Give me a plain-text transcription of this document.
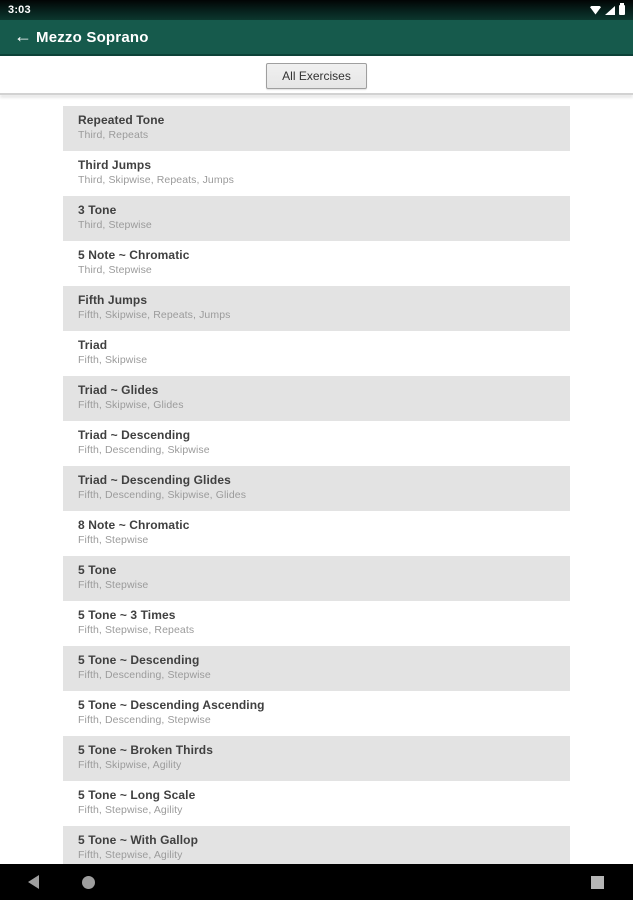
3:03
← Mezzo Soprano
All Exercises
Repeated Tone
Third, Repeats
Third Jumps
Third, Skipwise, Repeats, Jumps
3 Tone
Third, Stepwise
5 Note ~ Chromatic
Third, Stepwise
Fifth Jumps
Fifth, Skipwise, Repeats, Jumps
Triad
Fifth, Skipwise
Triad ~ Glides
Fifth, Skipwise, Glides
Triad ~ Descending
Fifth, Descending, Skipwise
Triad ~ Descending Glides
Fifth, Descending, Skipwise, Glides
8 Note ~ Chromatic
Fifth, Stepwise
5 Tone
Fifth, Stepwise
5 Tone ~ 3 Times
Fifth, Stepwise, Repeats
5 Tone ~ Descending
Fifth, Descending, Stepwise
5 Tone ~ Descending Ascending
Fifth, Descending, Stepwise
5 Tone ~ Broken Thirds
Fifth, Skipwise, Agility
5 Tone ~ Long Scale
Fifth, Stepwise, Agility
5 Tone ~ With Gallop
Fifth, Stepwise, Agility
